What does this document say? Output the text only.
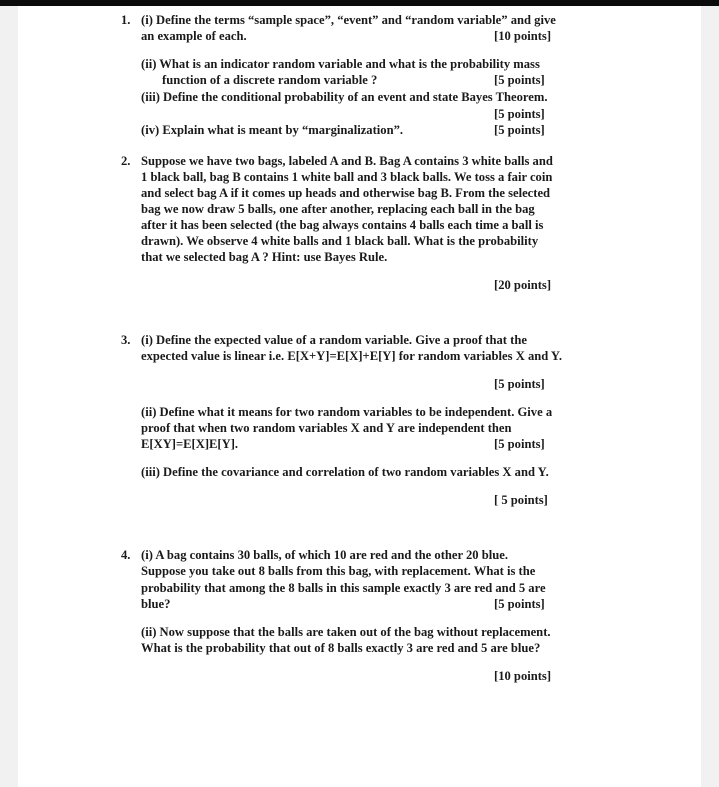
1. (i) Define the terms “sample space”, “event” and “random variable” and give
an example of each.	[10 points]
(ii) What is an indicator random variable and what is the probability mass
function of a discrete random variable ?	[5 points]
(iii) Define the conditional probability of an event and state Bayes Theorem.
[5 points]
(iv) Explain what is meant by “marginalization”.	[5 points]
2. Suppose we have two bags, labeled A and B. Bag A contains 3 white balls and
1 black ball, bag B contains 1 white ball and 3 black balls. We toss a fair coin
and select bag A if it comes up heads and otherwise bag B. From the selected
bag we now draw 5 balls, one after another, replacing each ball in the bag
after it has been selected (the bag always contains 4 balls each time a ball is
drawn). We observe 4 white balls and 1 black ball. What is the probability
that we selected bag A ? Hint: use Bayes Rule.
[20 points]
3. (i) Define the expected value of a random variable. Give a proof that the
expected value is linear i.e. E[X+Y]=E[X]+E[Y] for random variables X and Y.
[5 points]
(ii) Define what it means for two random variables to be independent. Give a
proof that when two random variables X and Y are independent then
E[XY]=E[X]E[Y].	[5 points]
(iii) Define the covariance and correlation of two random variables X and Y.
[ 5 points]
4. (i) A bag contains 30 balls, of which 10 are red and the other 20 blue.
Suppose you take out 8 balls from this bag, with replacement. What is the
probability that among the 8 balls in this sample exactly 3 are red and 5 are
blue?	[5 points]
(ii) Now suppose that the balls are taken out of the bag without replacement.
What is the probability that out of 8 balls exactly 3 are red and 5 are blue?
[10 points]
